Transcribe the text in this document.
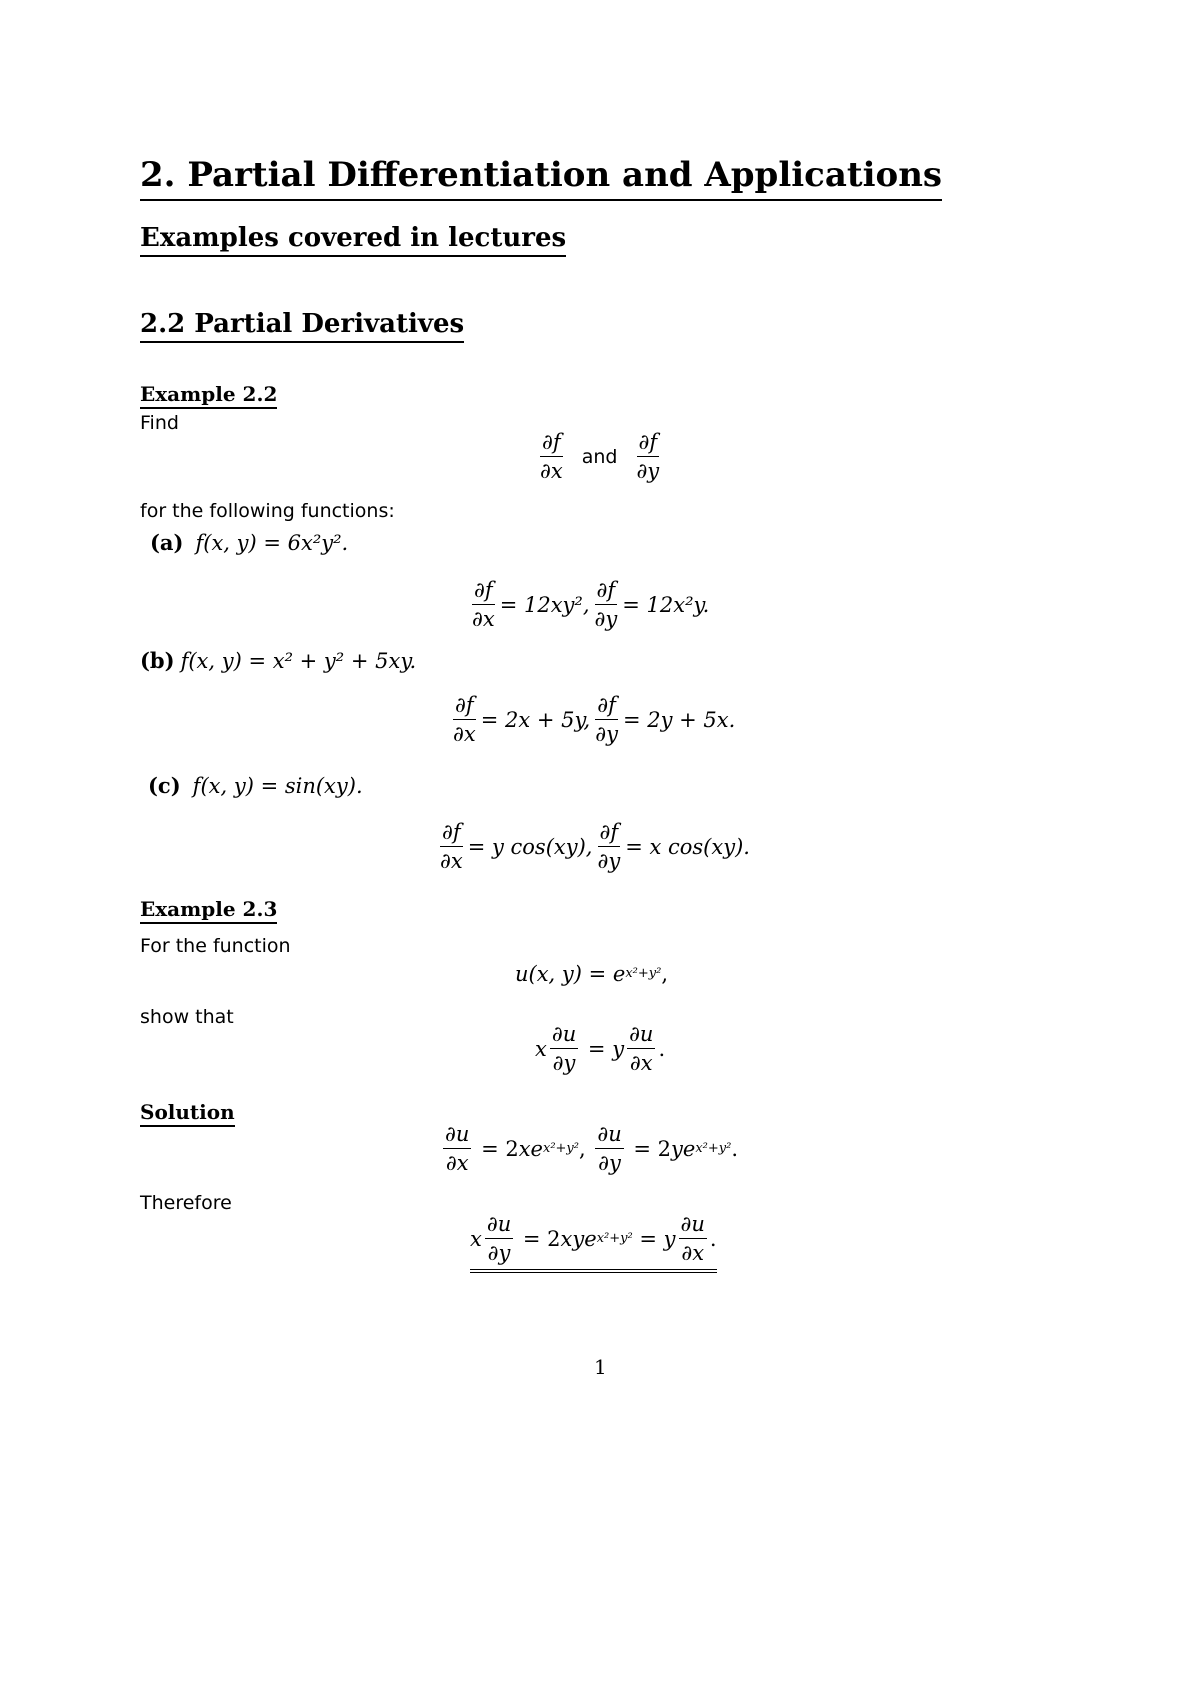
2. Partial Differentiation and Applications
Examples covered in lectures
2.2 Partial Derivatives
Example 2.2
Find
$\frac{\partial f}{\partial x}$ and $\frac{\partial f}{\partial y}$
for the following functions:
(a) f(x, y) = 6x²y².
$\frac{\partial f}{\partial x} = 12xy^2$, $\frac{\partial f}{\partial y} = 12x^2y$.
(b) f(x, y) = x² + y² + 5xy.
$\frac{\partial f}{\partial x} = 2x + 5y$, $\frac{\partial f}{\partial y} = 2y + 5x$.
(c) f(x, y) = sin(xy).
$\frac{\partial f}{\partial x} = y$ cos(xy), $\frac{\partial f}{\partial y} = x$ cos(xy).
Example 2.3
For the function
u(x, y) = e x²+y² ,
show that
x $\frac{\partial u}{\partial y} = y \frac{\partial u}{\partial x}$ .
Solution
$\frac{\partial u}{\partial x} = 2$ xe x²+y² , $\frac{\partial u}{\partial y} = 2$ ye x²+y² .
Therefore
x $\frac{\partial u}{\partial y} = 2$ xye x²+y² = y $\frac{\partial u}{\partial x}$ .
1
